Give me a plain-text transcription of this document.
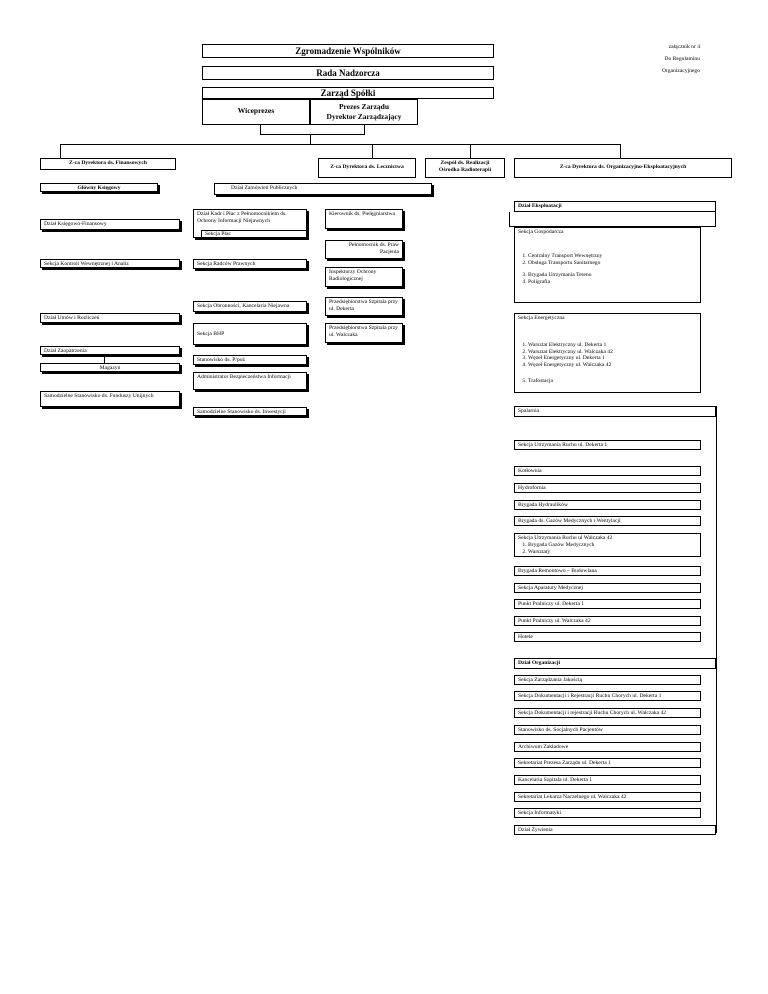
załącznik nr 4
Do Regulaminu
Organizacyjnego
Zgromadzenie Wspólników
Rada Nadzorcza
Zarząd Spółki
Wiceprezes	Prezes Zarządu
Dyrektor Zarządzający
Z-ca Dyrektora ds. Finansowych
Z-ca Dyrektora ds. Lecznictwa
Zespół ds. Realizacji
Ośrodka Radioterapii	Z-ca Dyrektora ds. Organizacyjno-Eksploatacyjnych
Główny Księgowy
Dział Księgowo-Finansowy
Sekcja Kontroli Wewnętrznej i Analiz
Dział Umów i Rozliczeń
Dział Zaopatrzenia
Magazyn
Samodzielne Stanowisko ds. Funduszy Unijnych
Dział Zamówień Publicznych
Dział Kadr i Płac z Pełnomocnikiem ds. Ochrony Informacji Niejawnych
Sekcja Płac
Sekcja Radców Prawnych
Sekcja Obronności, Kancelaria Niejawna
Sekcja BHP
Stanowisko ds. P/poż
Administrator Bezpieczeństwa Informacji
Samodzielne Stanowisko ds. Inwestycji
Kierownik ds. Pielęgniarstwa
Pełnomocnik ds. Praw Pacjenta
Inspektorzy Ochrony Radiologicznej
Przedsiębiorstwa Szpitala przy ul. Dekerta
Przedsiębiorstwa Szpitala przy ul. Walczaka
Dział Eksploatacji
Sekcja Gospodarcza
1. Centralny Transport Wewnętrzny
2. Obsługa Transportu Sanitarnego
3. Brygada Utrzymania Terenu
4. Poligrafia
Sekcja Energetyczna
1. Warsztat Elektryczny ul. Dekerta 1
2. Warsztat Elektryczny ul. Walczaka 42
3. Węzeł Energetyczny ul. Dekerta 1
4. Węzeł Energetyczny ul. Walczaka 42
5. Trafostacja
Spalarnia
Sekcja Utrzymania Ruchu ul. Dekerta 1
Kotłownia
Hydrofornia
Brygada Hydraulików
Brygada ds. Gazów Medycznych i Wentylacji
Sekcja Utrzymania Ruchu ul Walczaka 42
1. Brygada Gazów Medycznych
2. Warsztaty
Brygada Remontowo – Budowlana
Sekcja Aparatury Medycznej
Punkt Pralniczy ul. Dekerta 1
Punkt Pralniczy ul. Walczaka 42
Hotele
Dział Organizacji
Sekcja Zarządzania Jakością
Sekcja Dokumentacji i Rejestracji Ruchu Chorych ul. Dekerta 1
Sekcja Dokumentacji i rejestracji Ruchu Chorych ul. Walczaka 42
Stanowisko ds. Socjalnych Pacjentów
Archiwum Zakładowe
Sekretariat Prezesa Zarządu ul. Dekerta 1
Kancelaria Szpitala ul. Dekerta 1
Sekretariat Lekarza Naczelnego ul. Walczaka 42
Sekcja Informatyki
Dział Żywienia
